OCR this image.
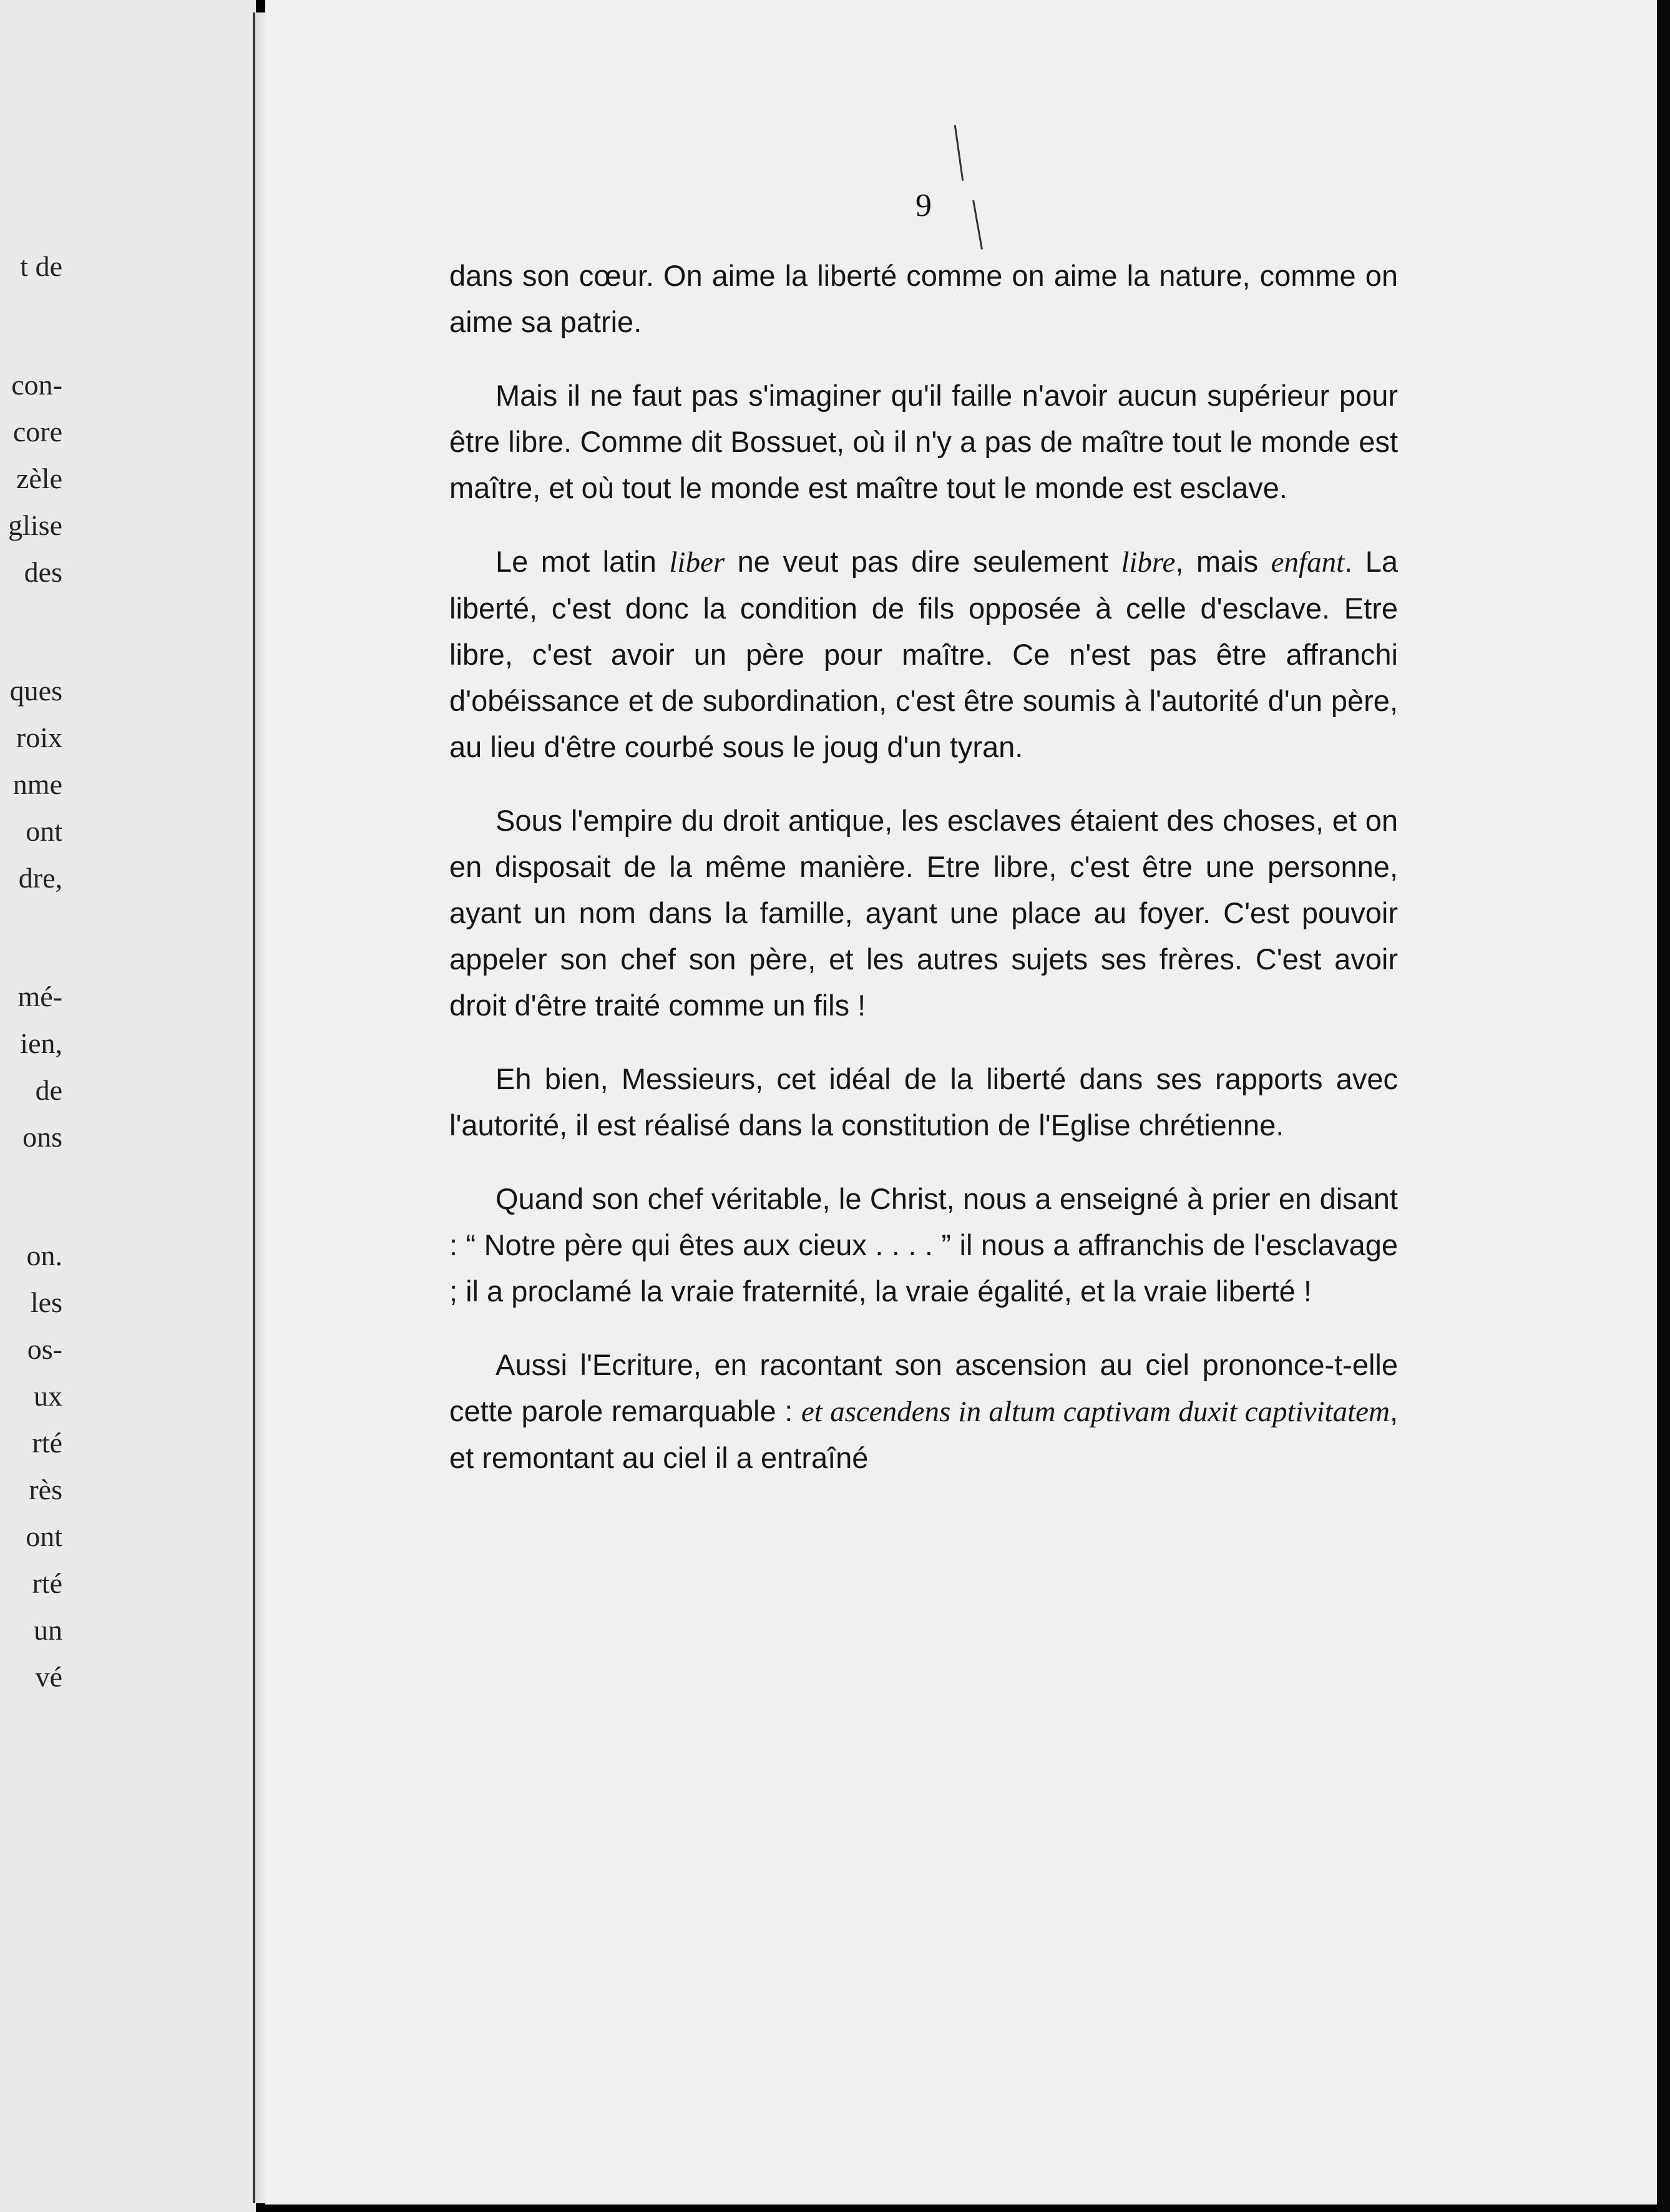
t de
con-
core
zèle
glise
des
ques
roix
nme
ont
dre,
mé-
ien,
de
ons
on.
les
os-
ux
rté
rès
ont
rté
un
vé
9

dans son cœur. On aime la liberté comme on aime la nature, comme on aime sa patrie.

Mais il ne faut pas s'imaginer qu'il faille n'avoir aucun supérieur pour être libre. Comme dit Bossuet, où il n'y a pas de maître tout le monde est maître, et où tout le monde est maître tout le monde est esclave.

Le mot latin liber ne veut pas dire seulement libre, mais enfant. La liberté, c'est donc la condition de fils opposée à celle d'esclave. Etre libre, c'est avoir un père pour maître. Ce n'est pas être affranchi d'obéissance et de subordination, c'est être soumis à l'autorité d'un père, au lieu d'être courbé sous le joug d'un tyran.

Sous l'empire du droit antique, les esclaves étaient des choses, et on en disposait de la même manière. Etre libre, c'est être une personne, ayant un nom dans la famille, ayant une place au foyer. C'est pouvoir appeler son chef son père, et les autres sujets ses frères. C'est avoir droit d'être traité comme un fils !

Eh bien, Messieurs, cet idéal de la liberté dans ses rapports avec l'autorité, il est réalisé dans la constitution de l'Eglise chrétienne.

Quand son chef véritable, le Christ, nous a enseigné à prier en disant : “ Notre père qui êtes aux cieux . . . . ” il nous a affranchis de l'esclavage ; il a proclamé la vraie fraternité, la vraie égalité, et la vraie liberté !

Aussi l'Ecriture, en racontant son ascension au ciel prononce-t-elle cette parole remarquable : et ascendens in altum captivam duxit captivitatem, et remontant au ciel il a entraîné
